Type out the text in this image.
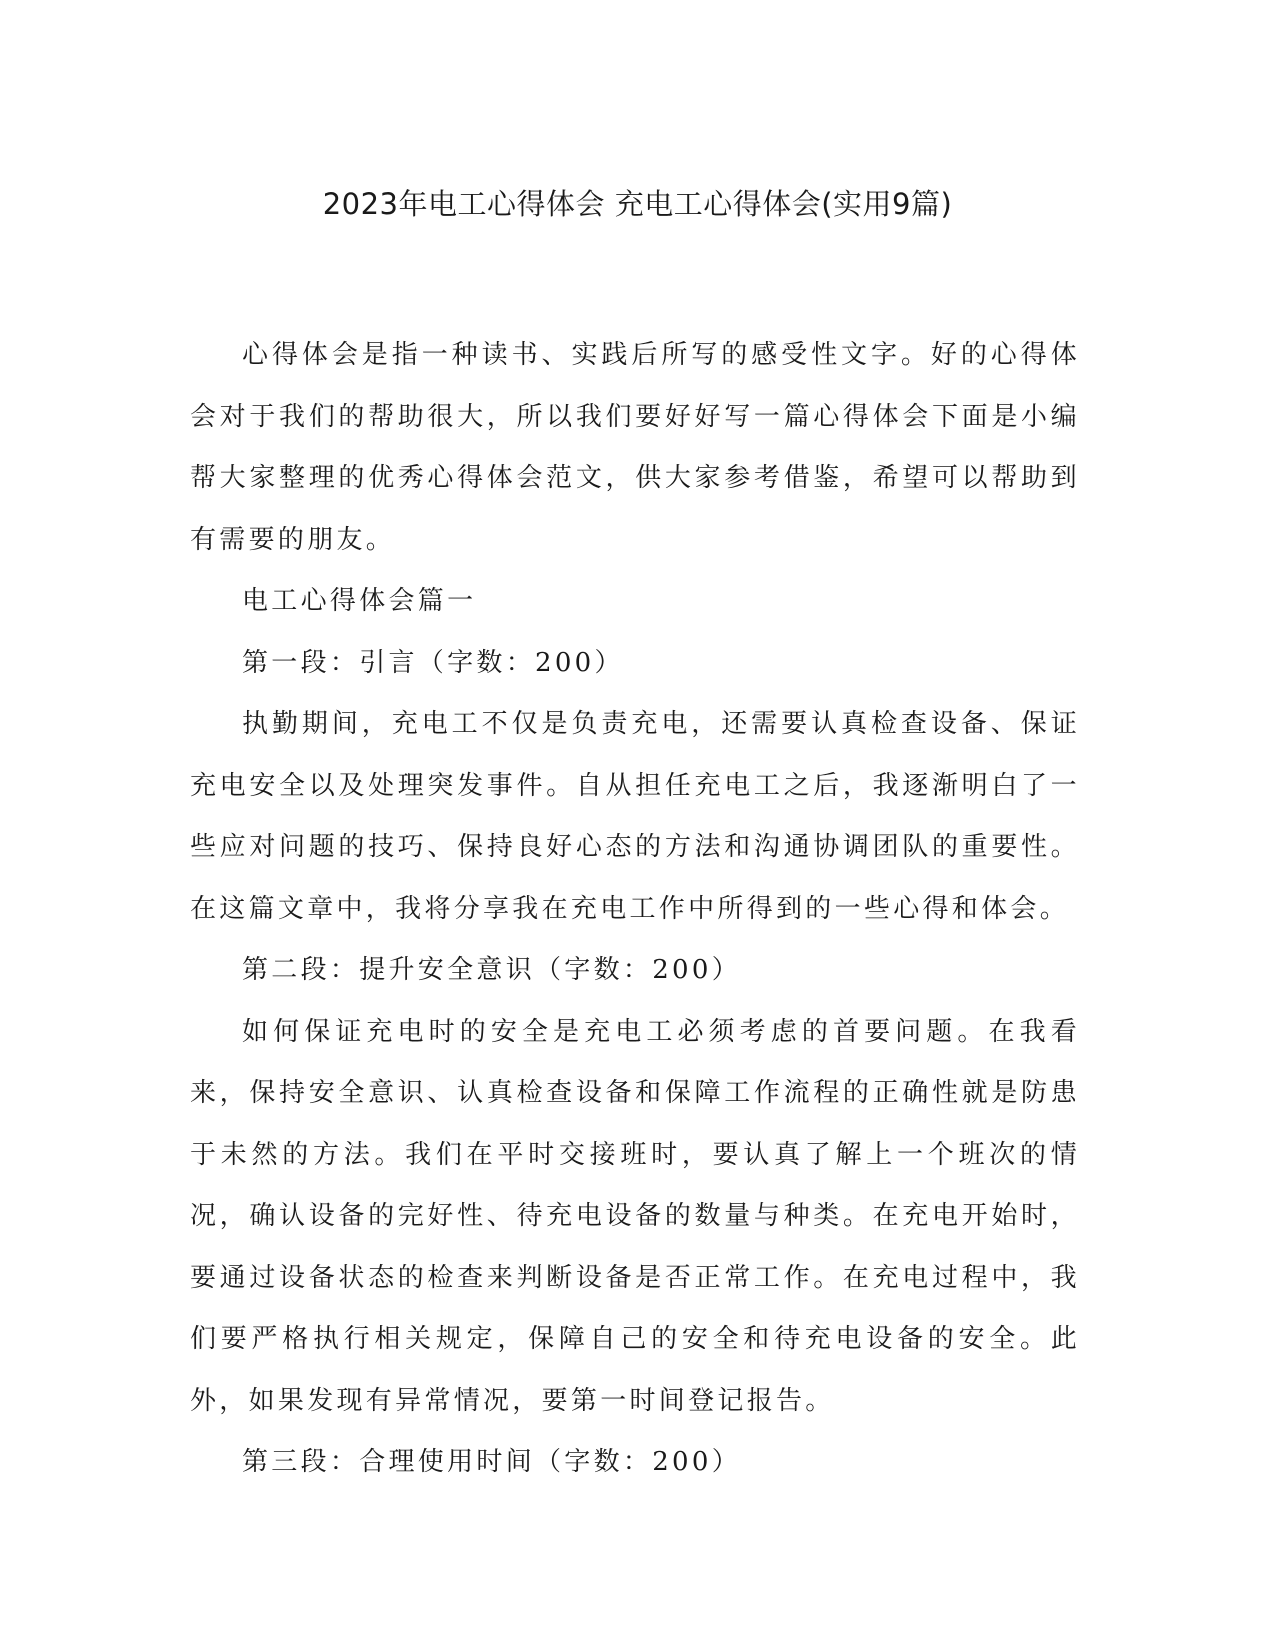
2023年电工心得体会 充电工心得体会(实用9篇)

心得体会是指一种读书、实践后所写的感受性文字。好的心得体会对于我们的帮助很大，所以我们要好好写一篇心得体会下面是小编帮大家整理的优秀心得体会范文，供大家参考借鉴，希望可以帮助到有需要的朋友。

电工心得体会篇一

第一段：引言（字数：200）

执勤期间，充电工不仅是负责充电，还需要认真检查设备、保证充电安全以及处理突发事件。自从担任充电工之后，我逐渐明白了一些应对问题的技巧、保持良好心态的方法和沟通协调团队的重要性。在这篇文章中，我将分享我在充电工作中所得到的一些心得和体会。

第二段：提升安全意识（字数：200）

如何保证充电时的安全是充电工必须考虑的首要问题。在我看来，保持安全意识、认真检查设备和保障工作流程的正确性就是防患于未然的方法。我们在平时交接班时，要认真了解上一个班次的情况，确认设备的完好性、待充电设备的数量与种类。在充电开始时，要通过设备状态的检查来判断设备是否正常工作。在充电过程中，我们要严格执行相关规定，保障自己的安全和待充电设备的安全。此外，如果发现有异常情况，要第一时间登记报告。

第三段：合理使用时间（字数：200）
